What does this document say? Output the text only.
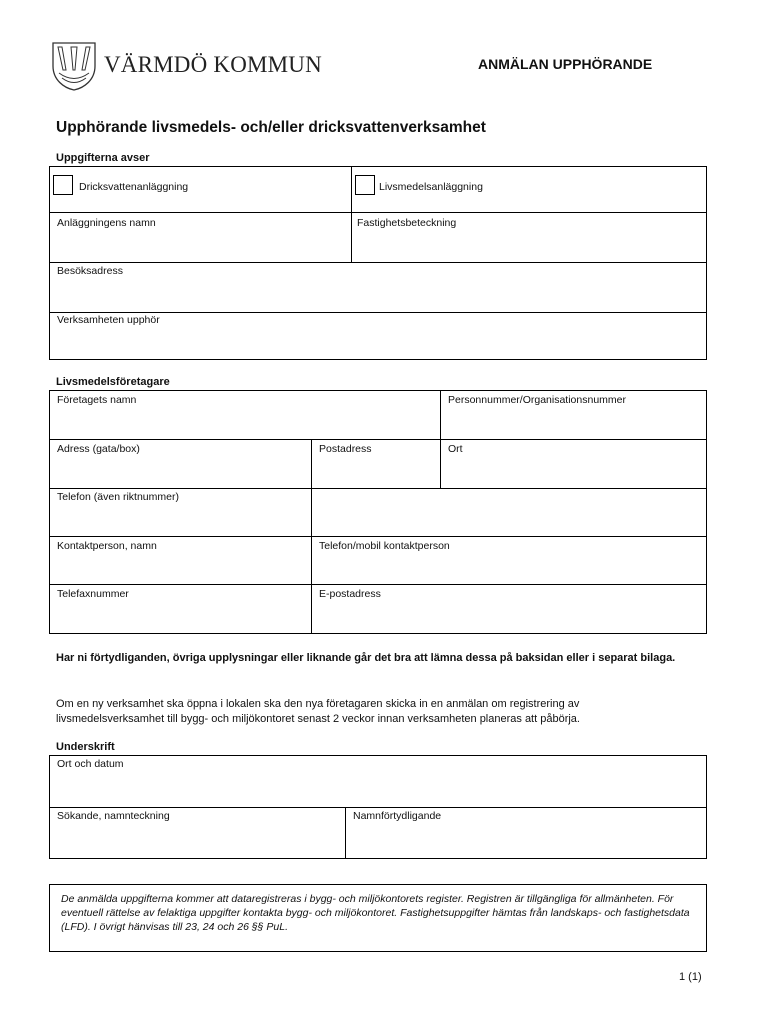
VÄRMDÖ KOMMUN	ANMÄLAN UPPHÖRANDE
Upphörande livsmedels- och/eller dricksvattenverksamhet
Uppgifterna avser
Dricksvattenanläggning	Livsmedelsanläggning
Anläggningens namn	Fastighetsbeteckning
Besöksadress
Verksamheten upphör
Livsmedelsföretagare
Företagets namn	Personnummer/Organisationsnummer
Adress (gata/box)	Postadress	Ort
Telefon (även riktnummer)
Kontaktperson, namn	Telefon/mobil kontaktperson
Telefaxnummer	E-postadress
Har ni förtydliganden, övriga upplysningar eller liknande går det bra att lämna dessa på baksidan eller i separat bilaga.
Om en ny verksamhet ska öppna i lokalen ska den nya företagaren skicka in en anmälan om registrering av livsmedelsverksamhet till bygg- och miljökontoret senast 2 veckor innan verksamheten planeras att påbörja.
Underskrift
Ort och datum
Sökande, namnteckning	Namnförtydligande
De anmälda uppgifterna kommer att dataregistreras i bygg- och miljökontorets register. Registren är tillgängliga för allmänheten. För eventuell rättelse av felaktiga uppgifter kontakta bygg- och miljökontoret. Fastighetsuppgifter hämtas från landskaps- och fastighetsdata (LFD). I övrigt hänvisas till 23, 24 och 26 §§ PuL.
1 (1)
